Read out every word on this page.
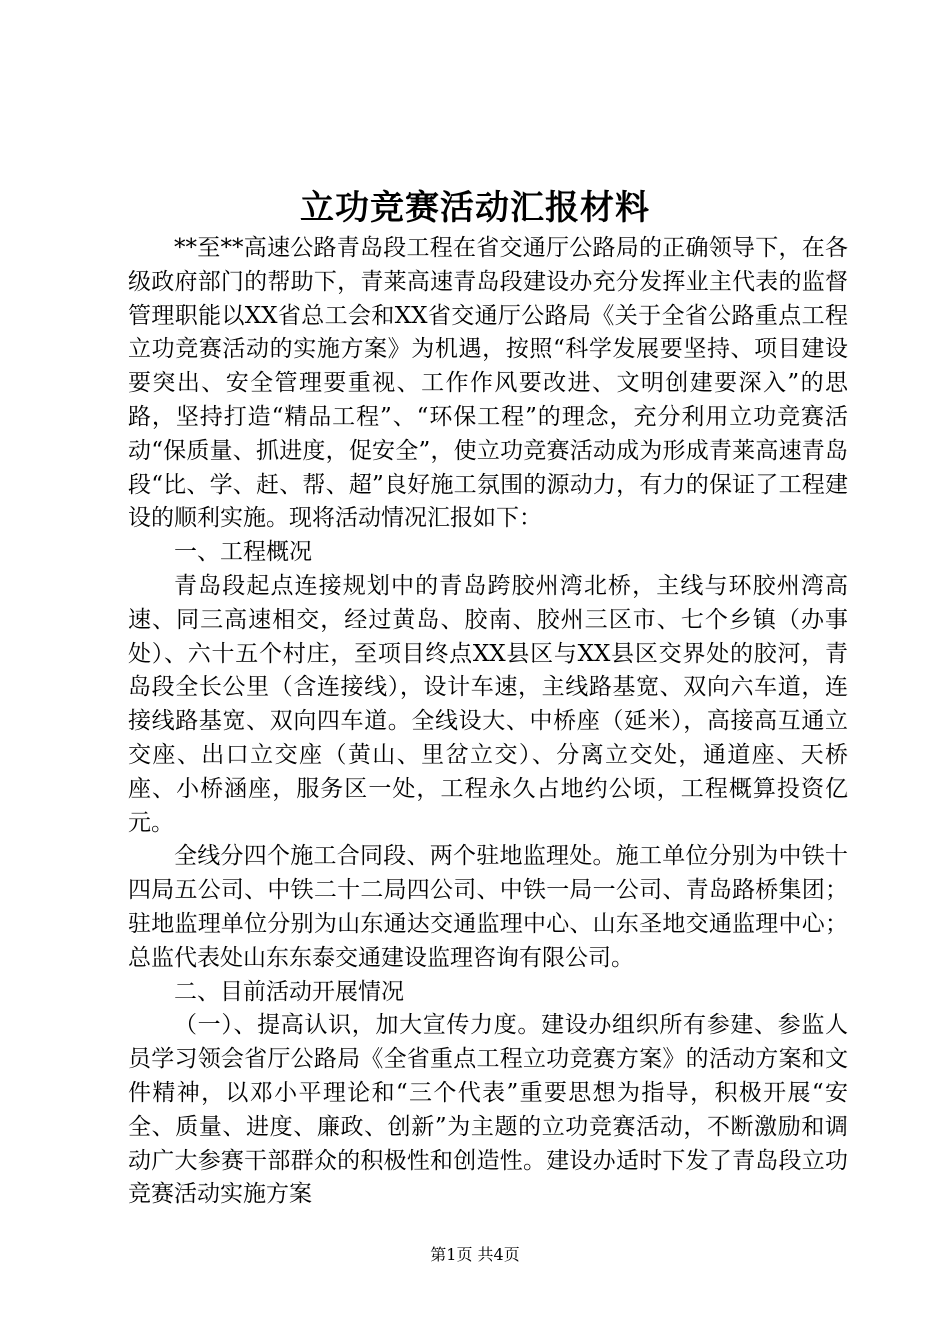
立功竞赛活动汇报材料

**至**高速公路青岛段工程在省交通厅公路局的正确领导下，在各级政府部门的帮助下，青莱高速青岛段建设办充分发挥业主代表的监督管理职能以XX省总工会和XX省交通厅公路局《关于全省公路重点工程立功竞赛活动的实施方案》为机遇，按照“科学发展要坚持、项目建设要突出、安全管理要重视、工作作风要改进、文明创建要深入”的思路，坚持打造“精品工程”、“环保工程”的理念，充分利用立功竞赛活动“保质量、抓进度，促安全”，使立功竞赛活动成为形成青莱高速青岛段“比、学、赶、帮、超”良好施工氛围的源动力，有力的保证了工程建设的顺利实施。现将活动情况汇报如下：

一、工程概况

青岛段起点连接规划中的青岛跨胶州湾北桥，主线与环胶州湾高速、同三高速相交，经过黄岛、胶南、胶州三区市、七个乡镇（办事处）、六十五个村庄，至项目终点XX县区与XX县区交界处的胶河，青岛段全长公里（含连接线），设计车速，主线路基宽、双向六车道，连接线路基宽、双向四车道。全线设大、中桥座（延米），高接高互通立交座、出口立交座（黄山、里岔立交）、分离立交处，通道座、天桥座、小桥涵座，服务区一处，工程永久占地约公顷，工程概算投资亿元。

全线分四个施工合同段、两个驻地监理处。施工单位分别为中铁十四局五公司、中铁二十二局四公司、中铁一局一公司、青岛路桥集团；驻地监理单位分别为山东通达交通监理中心、山东圣地交通监理中心；总监代表处山东东泰交通建设监理咨询有限公司。

二、目前活动开展情况

（一）、提高认识，加大宣传力度。建设办组织所有参建、参监人员学习领会省厅公路局《全省重点工程立功竞赛方案》的活动方案和文件精神，以邓小平理论和“三个代表”重要思想为指导，积极开展“安全、质量、进度、廉政、创新”为主题的立功竞赛活动，不断激励和调动广大参赛干部群众的积极性和创造性。建设办适时下发了青岛段立功竞赛活动实施方案

第1页 共4页
